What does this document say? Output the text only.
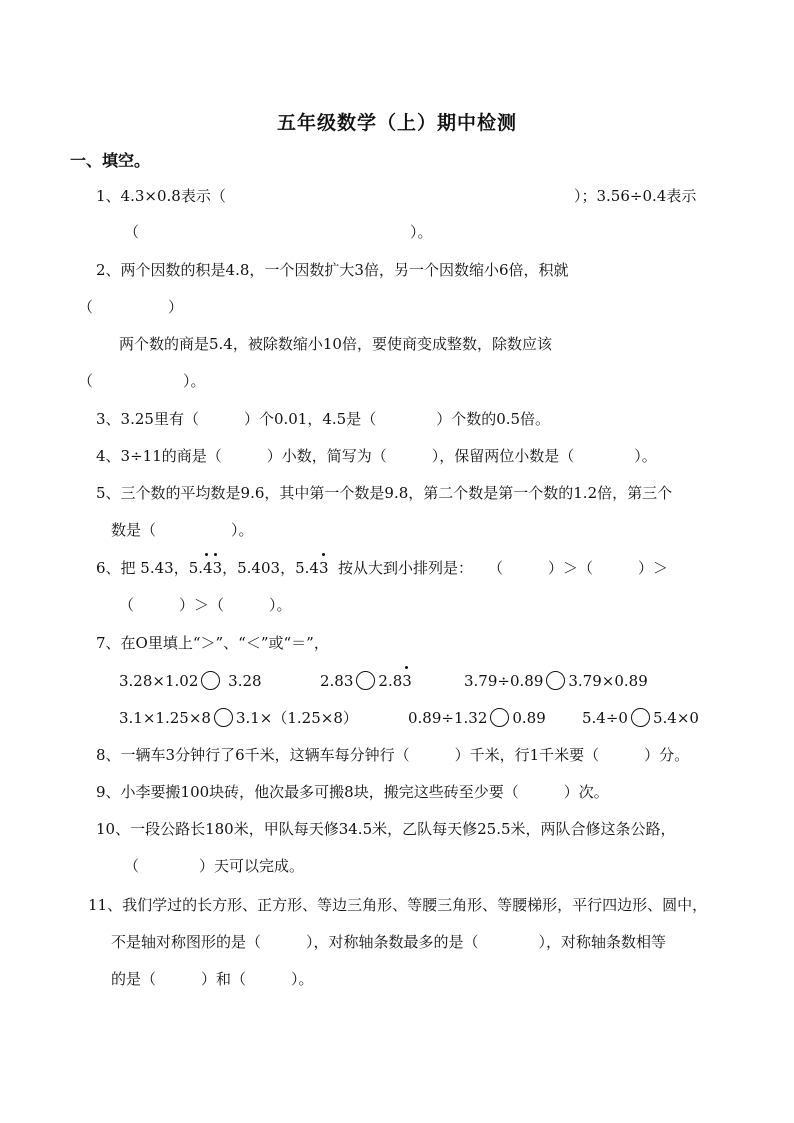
五年级数学（上）期中检测
一、填空。
1、4.3×0.8表示（	）；3.56÷0.4表示
（	）。
2、两个因数的积是4.8，一个因数扩大3倍，另一个因数缩小6倍，积就
（　　　　　）
两个数的商是5.4，被除数缩小10倍，要使商变成整数，除数应该
（　　　　　　）。
3、3.25里有（　　　）个0.01，4.5是（　　　　）个数的0.5倍。
4、3÷11的商是（　　　）小数，简写为（　　　），保留两位小数是（　　　　）。
5、三个数的平均数是9.6，其中第一个数是9.8，第二个数是第一个数的1.2倍，第三个
数是（　　　　　）。
6、把 5.43，5.43
，5.403，5.43 按从大到小排列是：　　（　　　）＞（　　　）＞
（　　　）＞（　　　）。
7、在O里填上“＞”、“＜”或“＝”，
3.28×1.02 3.28	2.83 2.83	3.79÷0.89 3.79×0.89
3.1×1.25×8 3.1×（1.25×8）	0.89÷1.32 0.89 5.4÷0 5.4×0
8、一辆车3分钟行了6千米，这辆车每分钟行（　　　）千米，行1千米要（　　　）分。
9、小李要搬100块砖，他次最多可搬8块，搬完这些砖至少要（　　　）次。
10、一段公路长180米，甲队每天修34.5米，乙队每天修25.5米，两队合修这条公路，
（　　　　）天可以完成。
11、我们学过的长方形、正方形、等边三角形、等腰三角形、等腰梯形，平行四边形、圆中，
不是轴对称图形的是（　　　），对称轴条数最多的是（　　　　），对称轴条数相等
的是（　　　）和（　　　）。
